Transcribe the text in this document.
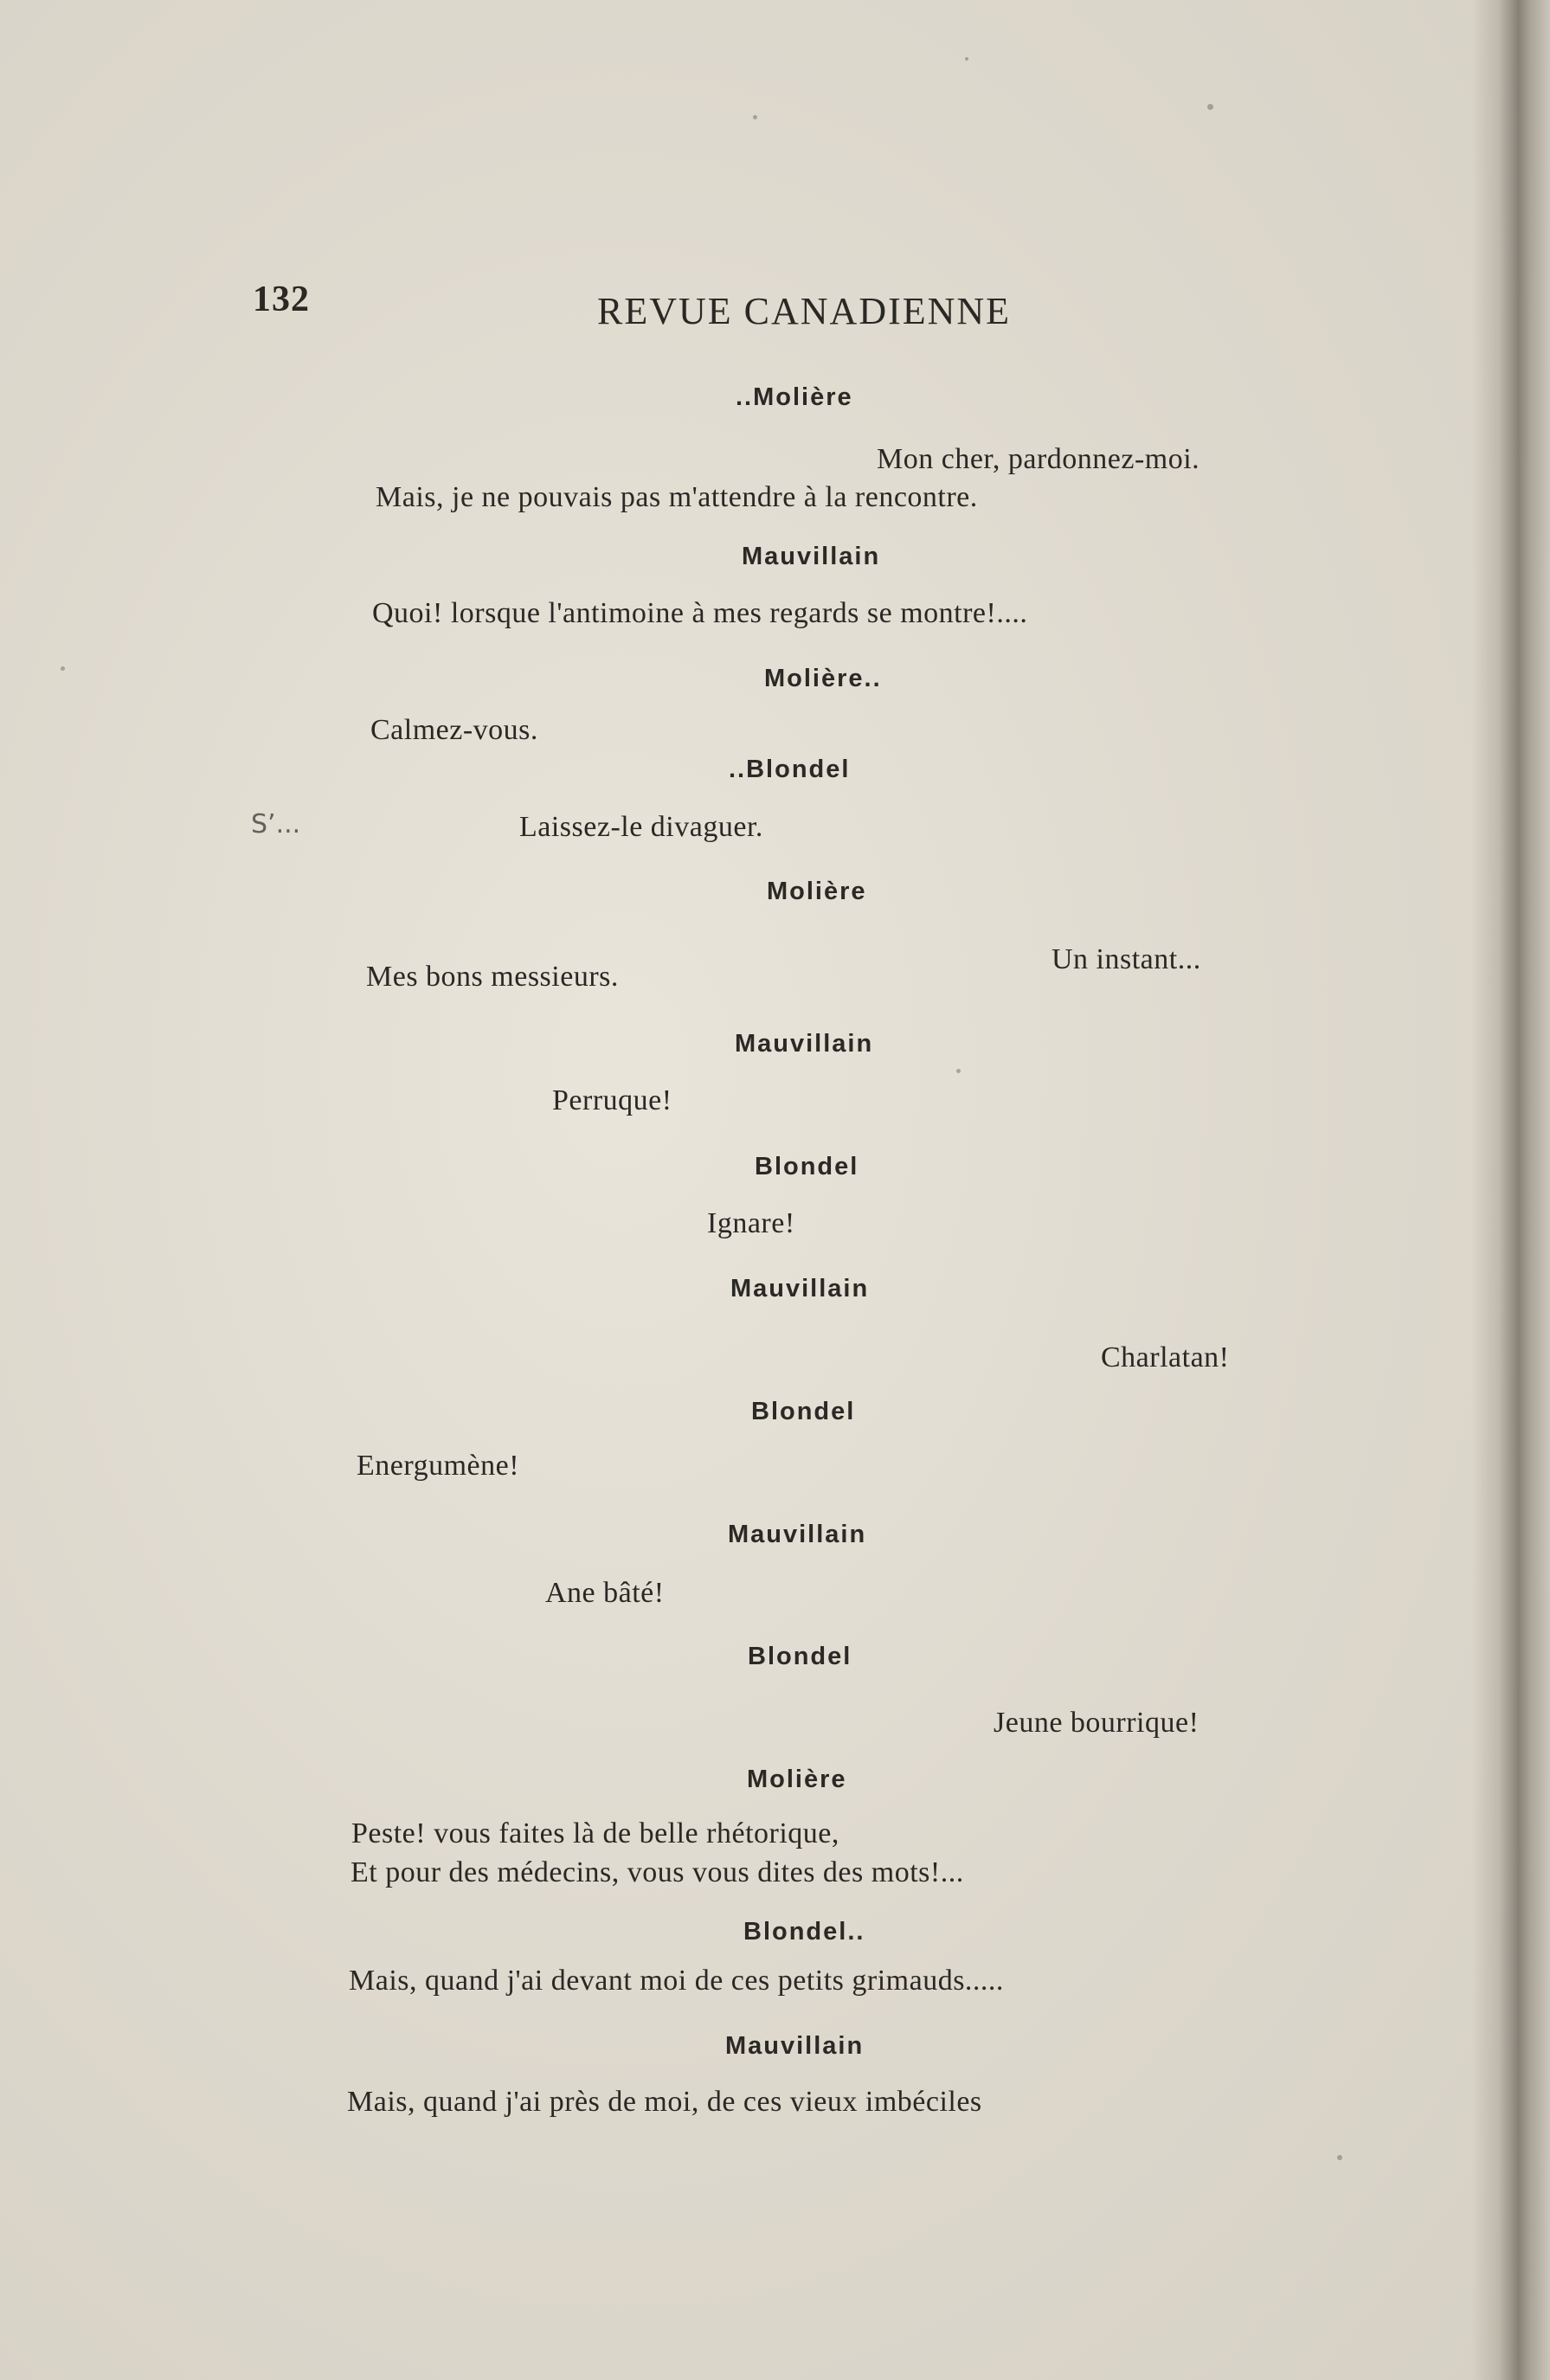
132	REVUE CANADIENNE
S’...
..Molière
Mon cher, pardonnez-moi.
Mais, je ne pouvais pas m'attendre à la rencontre.
Mauvillain
Quoi! lorsque l'antimoine à mes regards se montre!....
Molière..
Calmez-vous.
..Blondel
Laissez-le divaguer.
Molière
Mes bons messieurs.
Un instant...
Mauvillain
Perruque!
Blondel
Ignare!
Mauvillain
Charlatan!
Blondel
Energumène!
Mauvillain
Ane bâté!
Blondel
Jeune bourrique!
Molière
Peste! vous faites là de belle rhétorique,
Et pour des médecins, vous vous dites des mots!...
Blondel..
Mais, quand j'ai devant moi de ces petits grimauds.....
Mauvillain
Mais, quand j'ai près de moi, de ces vieux imbéciles
